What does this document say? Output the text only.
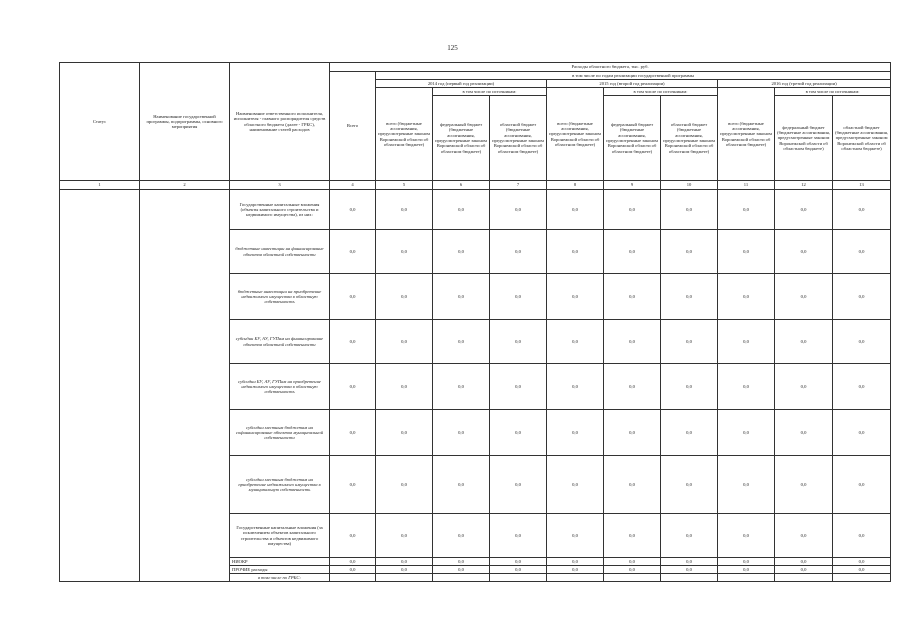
125
Статус	Наименование государственной программы, подпрограммы, основного мероприятия	Наименование ответственного исполнителя, исполнителя - главного распорядителя средств областного бюджета (далее - ГРБС), наименование статей расходов	Расходы областного бюджета, тыс. руб.									
			Всего	в том числе по годам реализации государственной программы								
				2014 год (первый год реализации)			2015 год (второй год реализации)			2016 год (третий год реализации)		
				всего (бюджетные ассигнования, предусмотренные законом Воронежской области об областном бюджете)	в том числе по источникам:		всего (бюджетные ассигнования, предусмотренные законом Воронежской области об областном бюджете)	в том числе по источникам:		всего (бюджетные ассигнования, предусмотренные законом Воронежской области об областном бюджете)	в том числе по источникам:	
					федеральный бюджет (бюджетные ассигнования, предусмотренные законом Воронежской области об областном бюджете)	областной бюджет (бюджетные ассигнования, предусмотренные законом Воронежской области об областном бюджете)		федеральный бюджет (бюджетные ассигнования, предусмотренные законом Воронежской области об областном бюджете)	областной бюджет (бюджетные ассигнования, предусмотренные законом Воронежской области об областном бюджете)		федеральный бюджет (бюджетные ассигнования, предусмотренные законом Воронежской области об областном бюджете)	областной бюджет (бюджетные ассигнования, предусмотренные законом Воронежской области об областном бюджете)
1	2	3	4	5	6	7	8	9	10	11	12	13
		Государственные капитальные вложения (объекты капитального строительства и недвижимого имущества), из них:	0,0	0,0	0,0	0,0	0,0	0,0	0,0	0,0	0,0	0,0
		бюджетные инвестиции на финансирование объектов областной собственности	0,0	0,0	0,0	0,0	0,0	0,0	0,0	0,0	0,0	0,0
		бюджетные инвестиции на приобретение недвижимого имущества в областную собственность	0,0	0,0	0,0	0,0	0,0	0,0	0,0	0,0	0,0	0,0
		субсидии БУ, АУ, ГУПам на финансирование объектов областной собственности	0,0	0,0	0,0	0,0	0,0	0,0	0,0	0,0	0,0	0,0
		субсидии БУ, АУ, ГУПам на приобретение недвижимого имущества в областную собственность	0,0	0,0	0,0	0,0	0,0	0,0	0,0	0,0	0,0	0,0
		субсидии местным бюджетам на софинансирование объектов муниципальной собственности	0,0	0,0	0,0	0,0	0,0	0,0	0,0	0,0	0,0	0,0
		субсидии местным бюджетам на приобретение недвижимого имущества в муниципальную собственность	0,0	0,0	0,0	0,0	0,0	0,0	0,0	0,0	0,0	0,0
		Государственные капитальные вложения (за исключением объектов капитального строительства и объектов недвижимого имущества)	0,0	0,0	0,0	0,0	0,0	0,0	0,0	0,0	0,0	0,0
		НИОКР	0,0	0,0	0,0	0,0	0,0	0,0	0,0	0,0	0,0	0,0
		ПРОЧИЕ расходы	0,0	0,0	0,0	0,0	0,0	0,0	0,0	0,0	0,0	0,0
		в том числе по ГРБС:										
